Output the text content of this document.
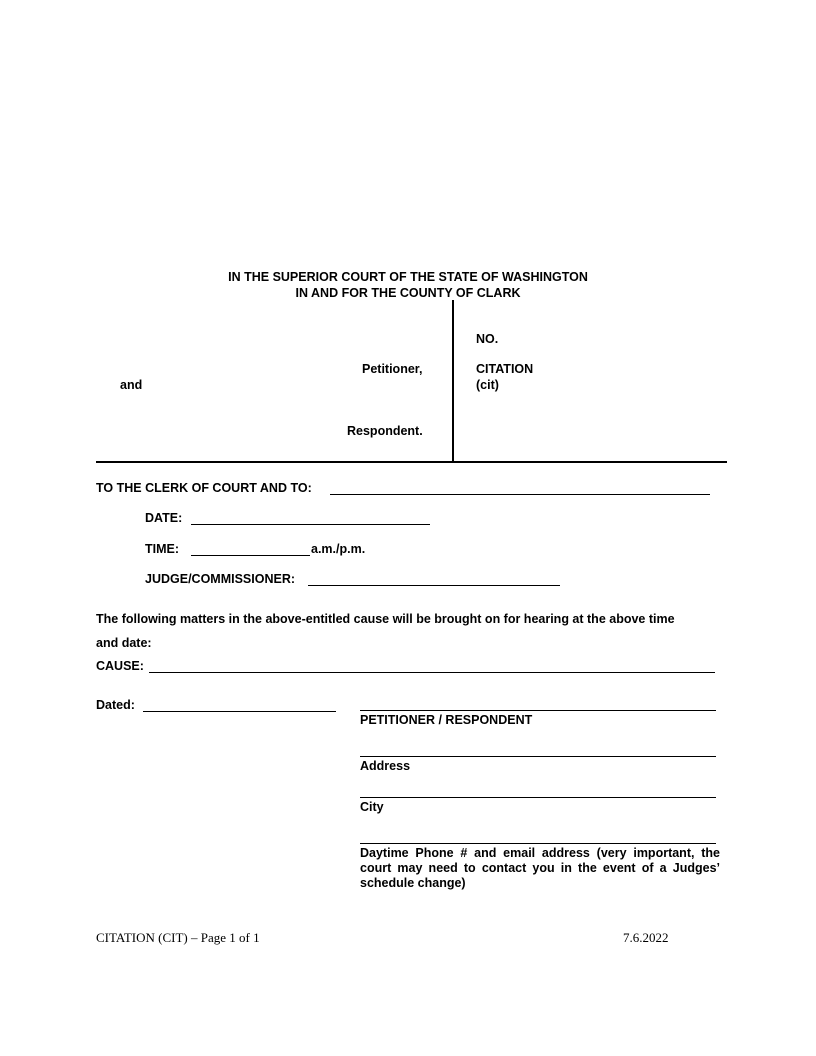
IN THE SUPERIOR COURT OF THE STATE OF WASHINGTON
IN AND FOR THE COUNTY OF CLARK
Petitioner,
and
Respondent.
NO.
CITATION
(cit)
TO THE CLERK OF COURT AND TO:
DATE:
TIME:	a.m./p.m.
JUDGE/COMMISSIONER:
The following matters in the above-entitled cause will be brought on for hearing at the above time
and date:
CAUSE:
Dated:
PETITIONER / RESPONDENT
Address
City
Daytime Phone # and email address (very important, the court may need to contact you in the event of a Judges’ schedule change)
CITATION (CIT) – Page 1 of 1	7.6.2022
